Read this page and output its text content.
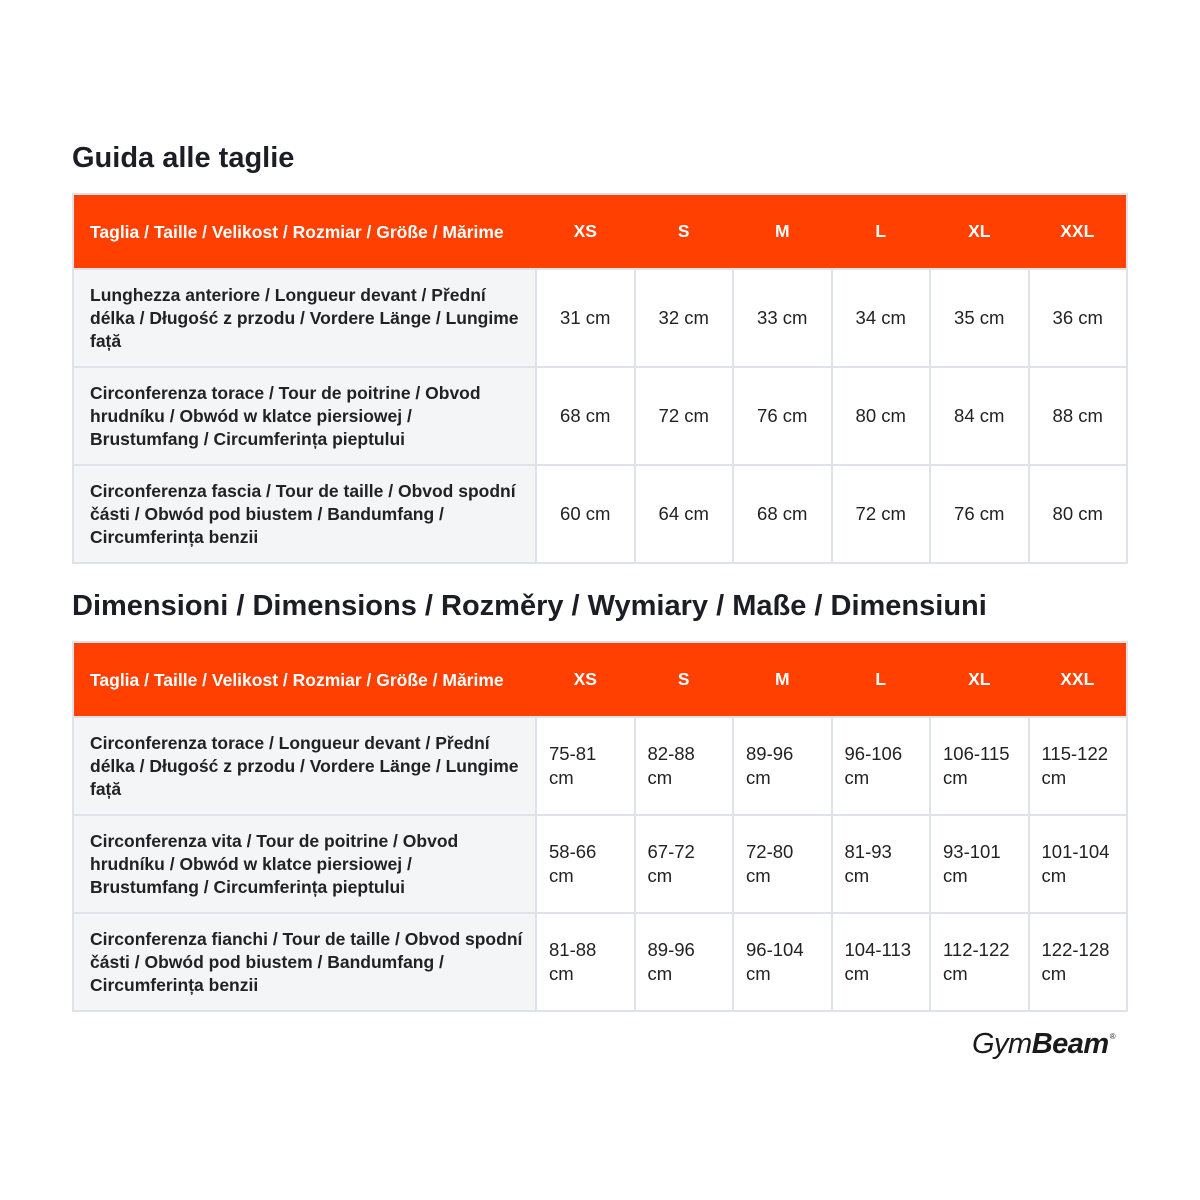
Guida alle taglie
Taglia / Taille / Velikost / Rozmiar / Größe / Mărime	XS	S	M	L	XL	XXL
Lunghezza anteriore / Longueur devant / Přední délka / Długość z przodu / Vordere Länge / Lungime față	31 cm	32 cm	33 cm	34 cm	35 cm	36 cm
Circonferenza torace / Tour de poitrine / Obvod hrudníku / Obwód w klatce piersiowej / Brustumfang / Circumferința pieptului	68 cm	72 cm	76 cm	80 cm	84 cm	88 cm
Circonferenza fascia / Tour de taille / Obvod spodní části / Obwód pod biustem / Bandumfang / Circumferința benzii	60 cm	64 cm	68 cm	72 cm	76 cm	80 cm
Dimensioni / Dimensions / Rozměry / Wymiary / Maße / Dimensiuni
Taglia / Taille / Velikost / Rozmiar / Größe / Mărime	XS	S	M	L	XL	XXL
Circonferenza torace / Longueur devant / Přední délka / Długość z przodu / Vordere Länge / Lungime față	75-81 cm	82-88 cm	89-96 cm	96-106 cm	106-115 cm	115-122 cm
Circonferenza vita / Tour de poitrine / Obvod hrudníku / Obwód w klatce piersiowej / Brustumfang / Circumferința pieptului	58-66 cm	67-72 cm	72-80 cm	81-93 cm	93-101 cm	101-104 cm
Circonferenza fianchi / Tour de taille / Obvod spodní části / Obwód pod biustem / Bandumfang / Circumferința benzii	81-88 cm	89-96 cm	96-104 cm	104-113 cm	112-122 cm	122-128 cm
GymBeam®
